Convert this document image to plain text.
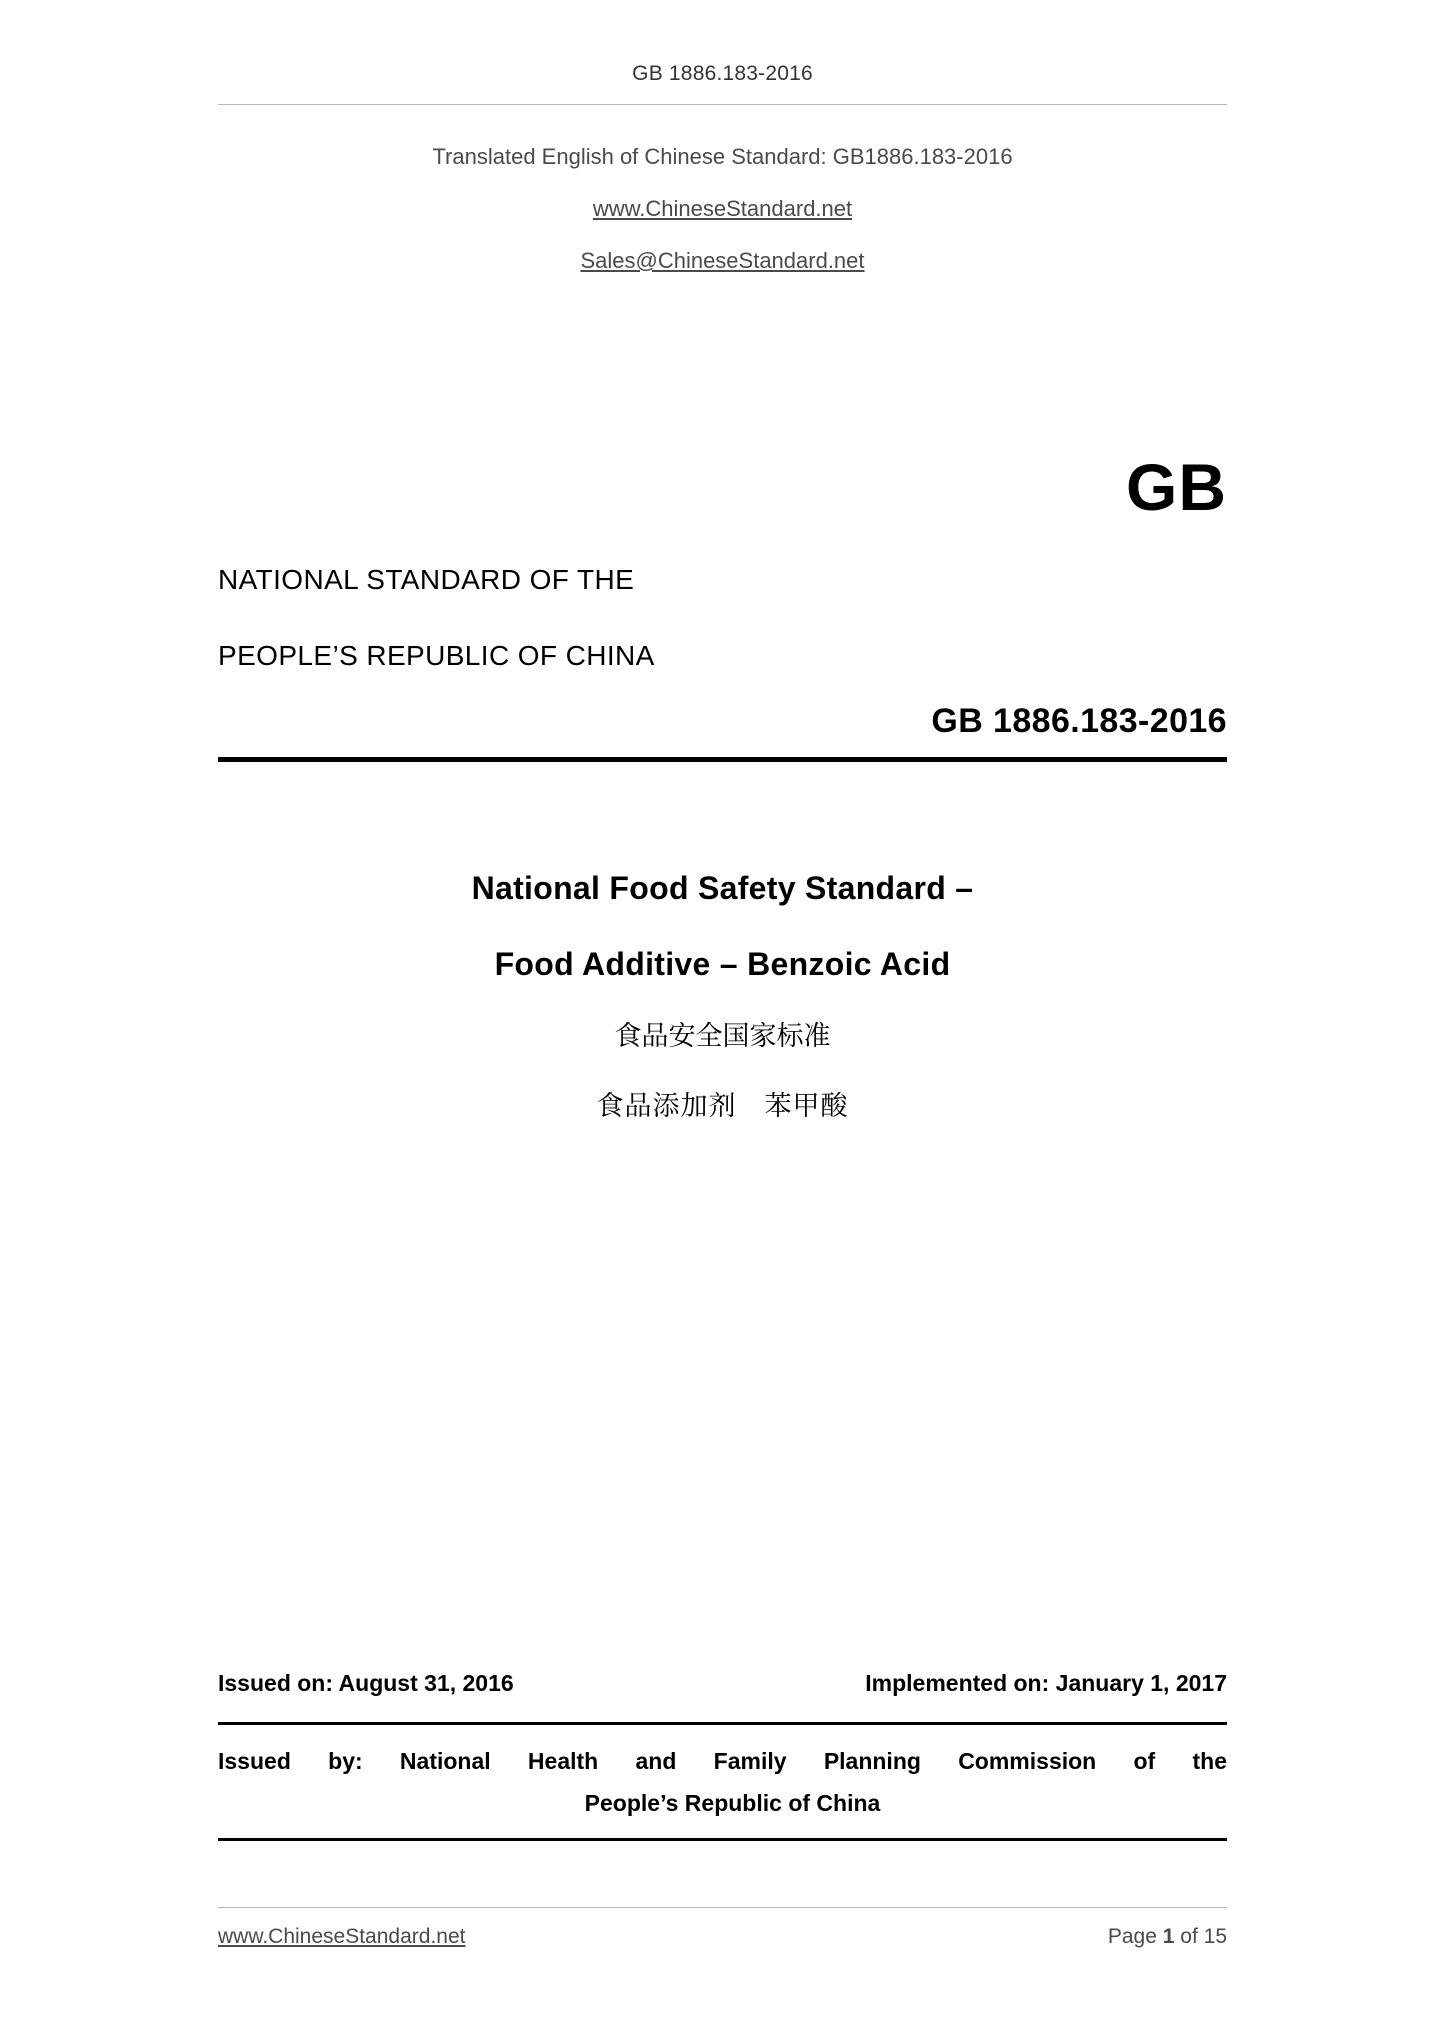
GB 1886.183-2016
Translated English of Chinese Standard: GB1886.183-2016
www.ChineseStandard.net
Sales@ChineseStandard.net
GB
NATIONAL STANDARD OF THE
PEOPLE’S REPUBLIC OF CHINA
GB 1886.183-2016
National Food Safety Standard –
Food Additive – Benzoic Acid
食品安全国家标准
食品添加剂　苯甲酸
Issued on: August 31, 2016	Implemented on: January 1, 2017
Issued by: National Health and Family Planning Commission of the
People’s Republic of China
www.ChineseStandard.net	Page 1 of 15
